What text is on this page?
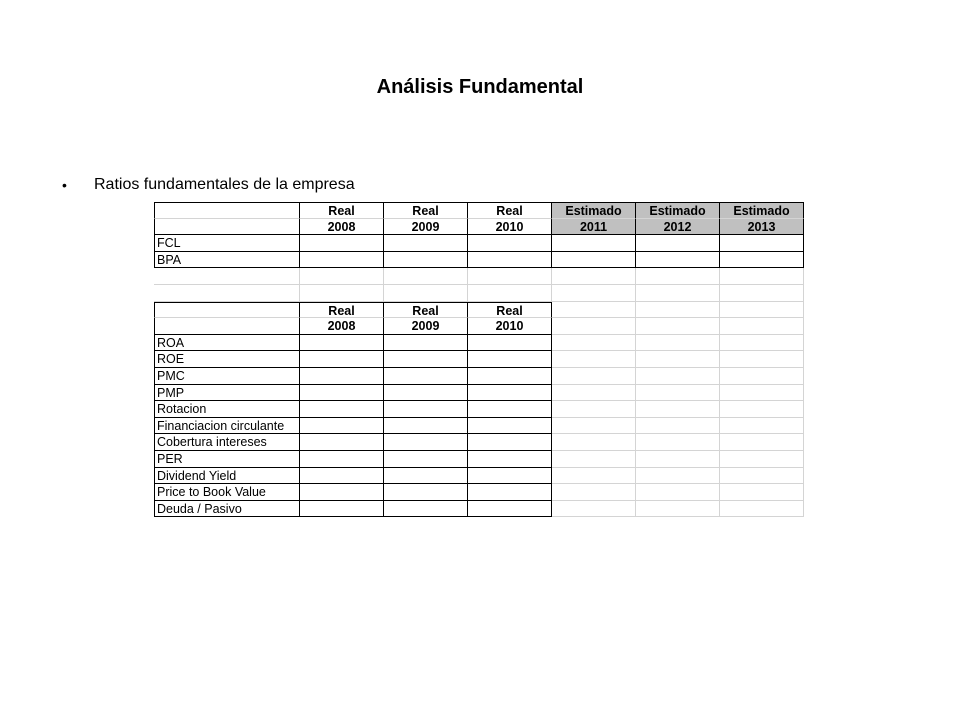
Análisis Fundamental
•	Ratios fundamentales de la empresa
Real	Real	Real	Estimado	Estimado	Estimado
2008	2009	2010	2011	2012	2013
FCL
BPA
Real	Real	Real
2008	2009	2010
ROA
ROE
PMC
PMP
Rotacion
Financiacion circulante
Cobertura intereses
PER
Dividend Yield
Price to Book Value
Deuda / Pasivo
